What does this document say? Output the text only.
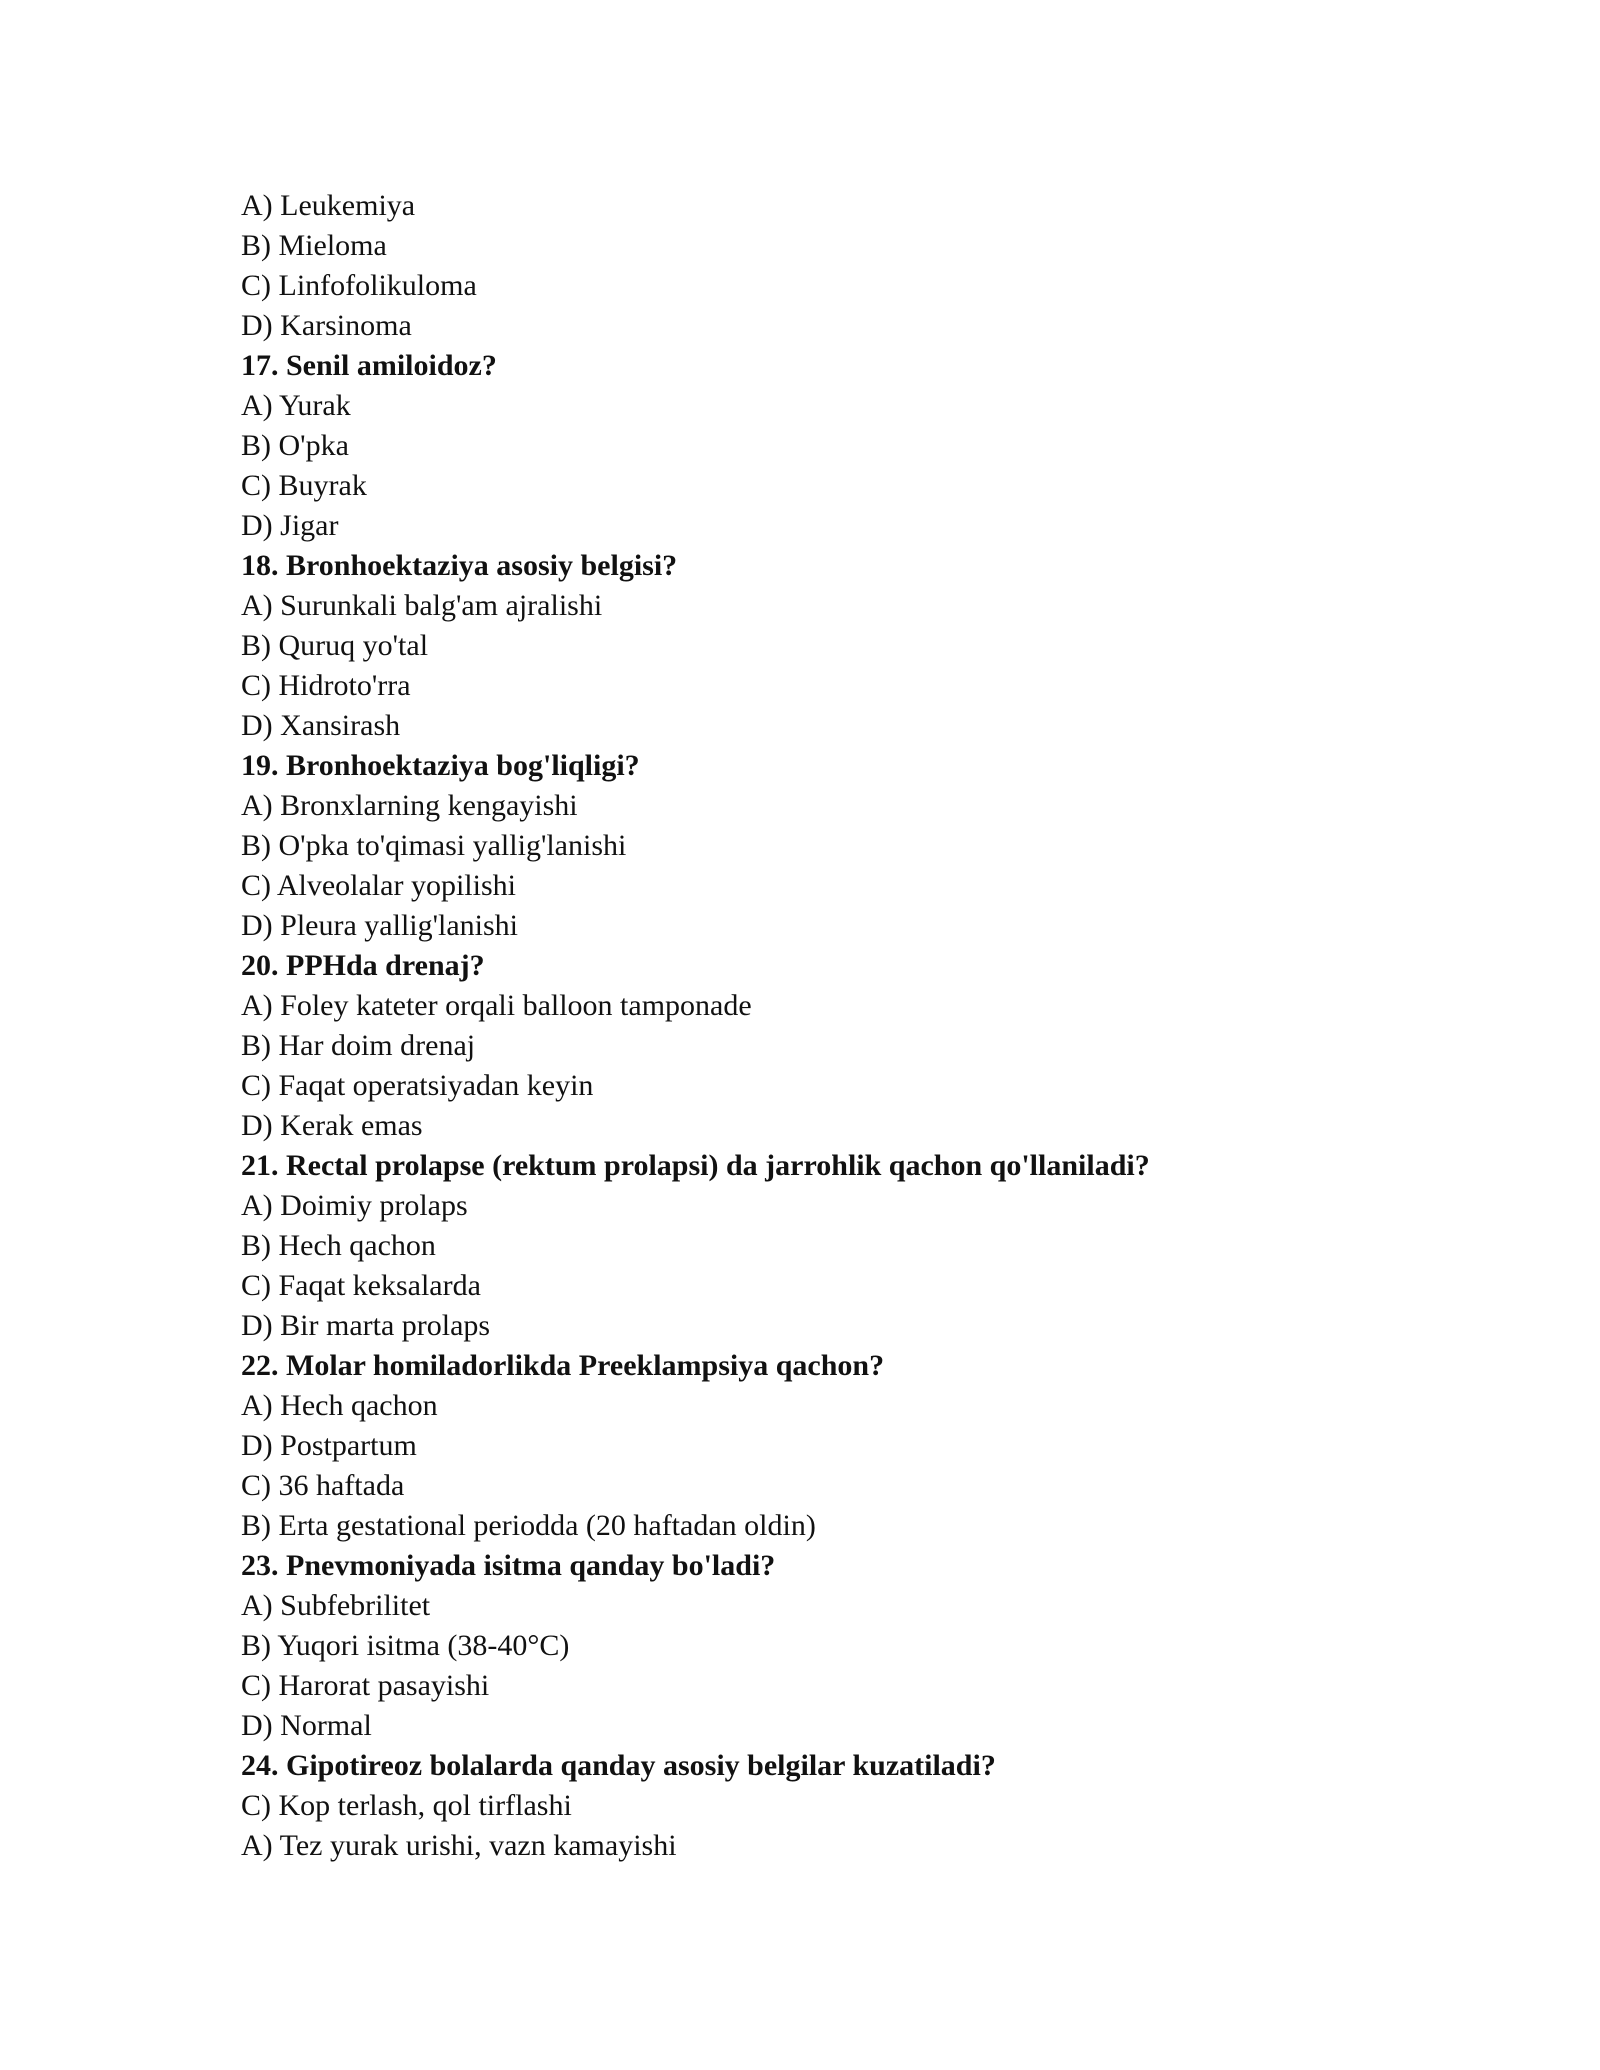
A) Leukemiya
B) Mieloma
C) Linfofolikuloma
D) Karsinoma
17. Senil amiloidoz?
A) Yurak
B) O'pka
C) Buyrak
D) Jigar
18. Bronhoektaziya asosiy belgisi?
A) Surunkali balg'am ajralishi
B) Quruq yo'tal
C) Hidroto'rra
D) Xansirash
19. Bronhoektaziya bog'liqligi?
A) Bronxlarning kengayishi
B) O'pka to'qimasi yallig'lanishi
C) Alveolalar yopilishi
D) Pleura yallig'lanishi
20. PPHda drenaj?
A) Foley kateter orqali balloon tamponade
B) Har doim drenaj
C) Faqat operatsiyadan keyin
D) Kerak emas
21. Rectal prolapse (rektum prolapsi) da jarrohlik qachon qo'llaniladi?
A) Doimiy prolaps
B) Hech qachon
C) Faqat keksalarda
D) Bir marta prolaps
22. Molar homiladorlikda Preeklampsiya qachon?
A) Hech qachon
D) Postpartum
C) 36 haftada
B) Erta gestational periodda (20 haftadan oldin)
23. Pnevmoniyada isitma qanday bo'ladi?
A) Subfebrilitet
B) Yuqori isitma (38-40°C)
C) Harorat pasayishi
D) Normal
24. Gipotireoz bolalarda qanday asosiy belgilar kuzatiladi?
C) Kop terlash, qol tirflashi
A) Tez yurak urishi, vazn kamayishi
